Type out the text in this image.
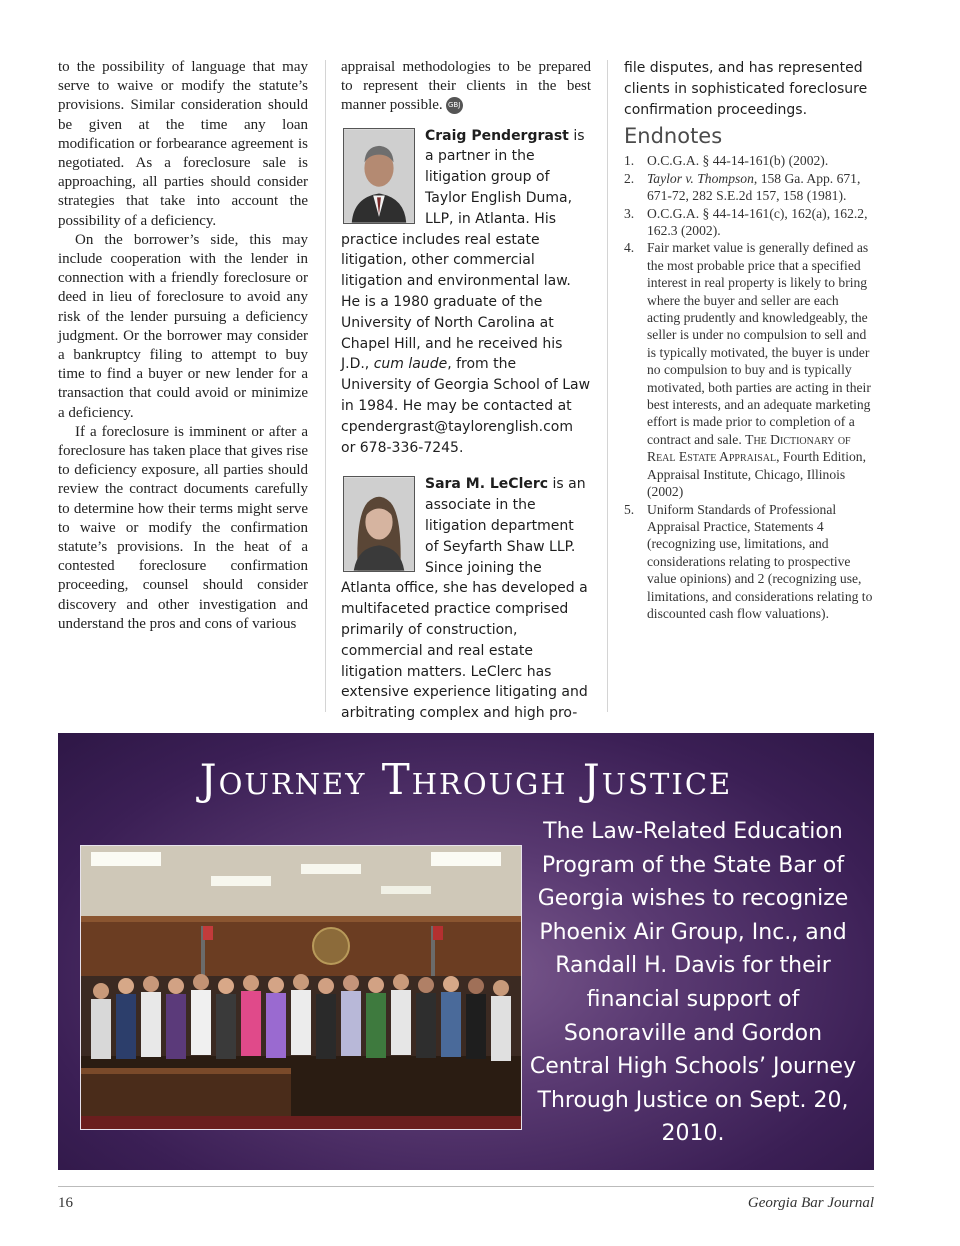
to the possibility of language that may serve to waive or modify the statute’s provisions. Similar consideration should be given at the time any loan modification or forbearance agreement is negotiated. As a foreclosure sale is approaching, all parties should consider strategies that take into account the possibility of a deficiency.

On the borrower’s side, this may include cooperation with the lender in connection with a friendly foreclosure or deed in lieu of foreclosure to avoid any risk of the lender pursuing a deficiency judgment. Or the borrower may consider a bankruptcy filing to attempt to buy time to find a buyer or new lender for a transaction that could avoid or minimize a deficiency.

If a foreclosure is imminent or after a foreclosure has taken place that gives rise to deficiency exposure, all parties should review the contract documents carefully to determine how their terms might serve to waive or modify the confirmation statute’s provisions. In the heat of a contested foreclosure confirmation proceeding, counsel should consider discovery and other investigation and understand the pros and cons of various

appraisal methodologies to be prepared to represent their clients in the best manner possible. GBJ

Craig Pendergrast is a partner in the litigation group of Taylor English Duma, LLP, in Atlanta. His practice includes real estate litigation, other commercial litigation and environmental law. He is a 1980 graduate of the University of North Carolina at Chapel Hill, and he received his J.D., cum laude, from the University of Georgia School of Law in 1984. He may be contacted at cpendergrast@taylorenglish.com or 678-336-7245.

Sara M. LeClerc is an associate in the litigation department of Seyfarth Shaw LLP. Since joining the Atlanta office, she has developed a multifaceted practice comprised primarily of construction, commercial and real estate litigation matters. LeClerc has extensive experience litigating and arbitrating complex and high pro-

file disputes, and has represented clients in sophisticated foreclosure confirmation proceedings.

Endnotes
1. O.C.G.A. § 44-14-161(b) (2002).
2. Taylor v. Thompson, 158 Ga. App. 671, 671-72, 282 S.E.2d 157, 158 (1981).
3. O.C.G.A. § 44-14-161(c), 162(a), 162.2, 162.3 (2002).
4. Fair market value is generally defined as the most probable price that a specified interest in real property is likely to bring where the buyer and seller are each acting prudently and knowledgeably, the seller is under no compulsion to sell and is typically motivated, the buyer is under no compulsion to buy and is typically motivated, both parties are acting in their best interests, and an adequate marketing effort is made prior to completion of a contract and sale. The Dictionary of Real Estate Appraisal, Fourth Edition, Appraisal Institute, Chicago, Illinois (2002)
5. Uniform Standards of Professional Appraisal Practice, Statements 4 (recognizing use, limitations, and considerations relating to prospective value opinions) and 2 (recognizing use, limitations, and considerations relating to discounted cash flow valuations).
Journey Through Justice
The Law-Related Education Program of the State Bar of Georgia wishes to recognize Phoenix Air Group, Inc., and Randall H. Davis for their financial support of Sonoraville and Gordon Central High Schools’ Journey Through Justice on Sept. 20, 2010.
16	Georgia Bar Journal
